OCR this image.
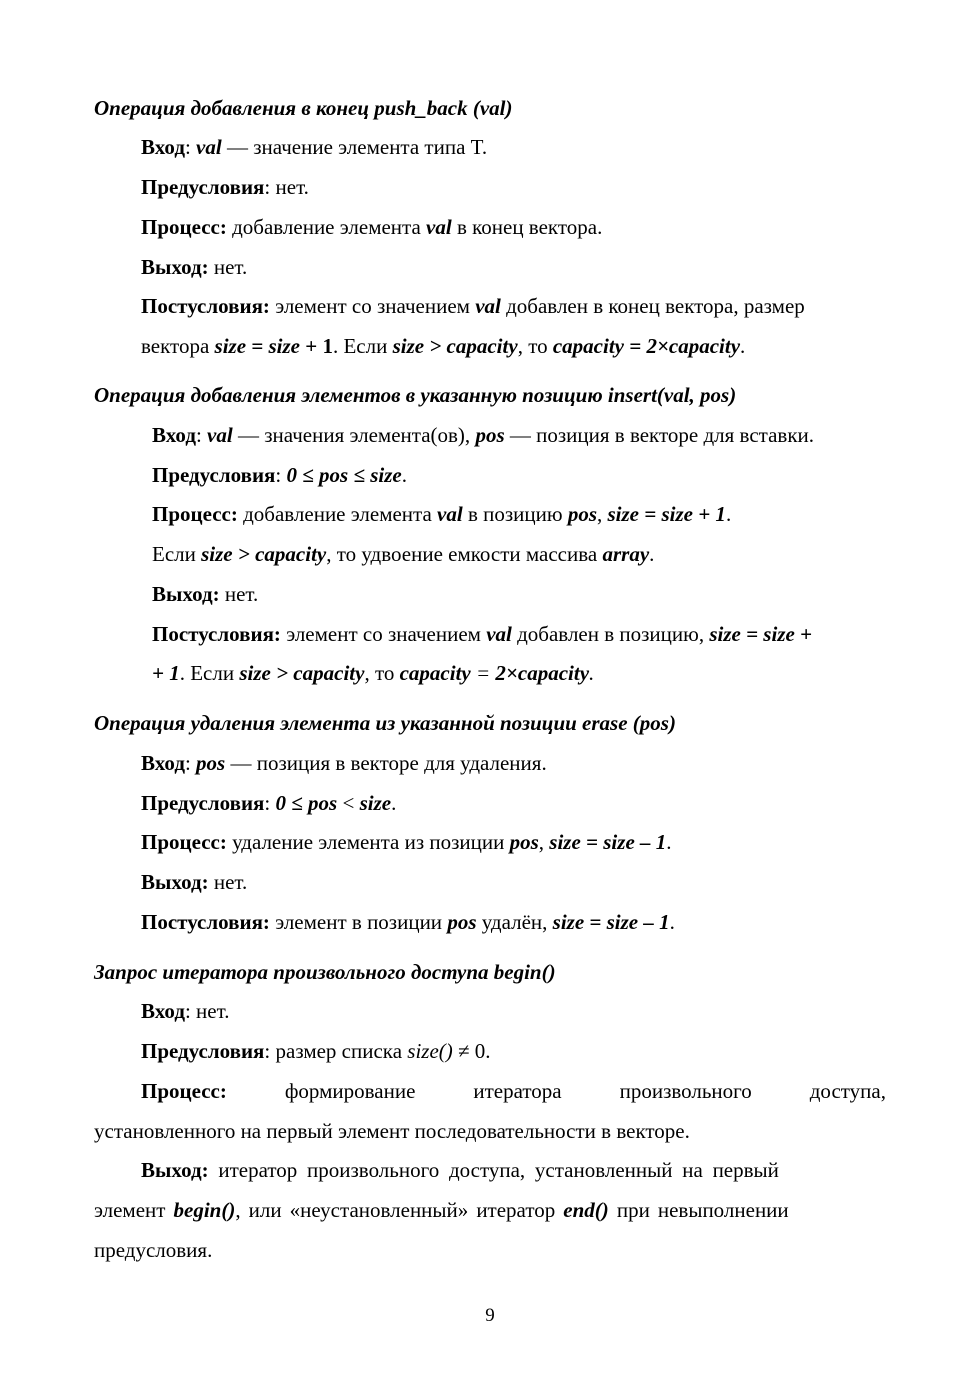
Операция добавления в конец push_back (val)
Вход: val — значение элемента типа T.
Предусловия: нет.
Процесс: добавление элемента val в конец вектора.
Выход: нет.
Постусловия: элемент со значением val добавлен в конец вектора, размер
вектора size = size + 1. Если size > capacity, то capacity = 2×capacity.
Операция добавления элементов в указанную позицию insert(val, pos)
Вход: val — значения элемента(ов), pos — позиция в векторе для вставки.
Предусловия: 0 ≤ pos ≤ size.
Процесс: добавление элемента val в позицию pos, size = size + 1.
Если size > capacity, то удвоение емкости массива array.
Выход: нет.
Постусловия: элемент со значением val добавлен в позицию, size = size +
+ 1. Если size > capacity, то capacity = 2×capacity.
Операция удаления элемента из указанной позиции erase (pos)
Вход: pos — позиция в векторе для удаления.
Предусловия: 0 ≤ pos < size.
Процесс: удаление элемента из позиции pos, size = size – 1.
Выход: нет.
Постусловия: элемент в позиции pos удалён, size = size – 1.
Запрос итератора произвольного доступа begin()
Вход: нет.
Предусловия: размер списка size() ≠ 0.
Процесс:	формирование	итератора	произвольного	доступа,
установленного на первый элемент последовательности в векторе.
Выход: итератор произвольного доступа, установленный на первый
элемент begin(), или «неустановленный» итератор end() при невыполнении
предусловия.
9
